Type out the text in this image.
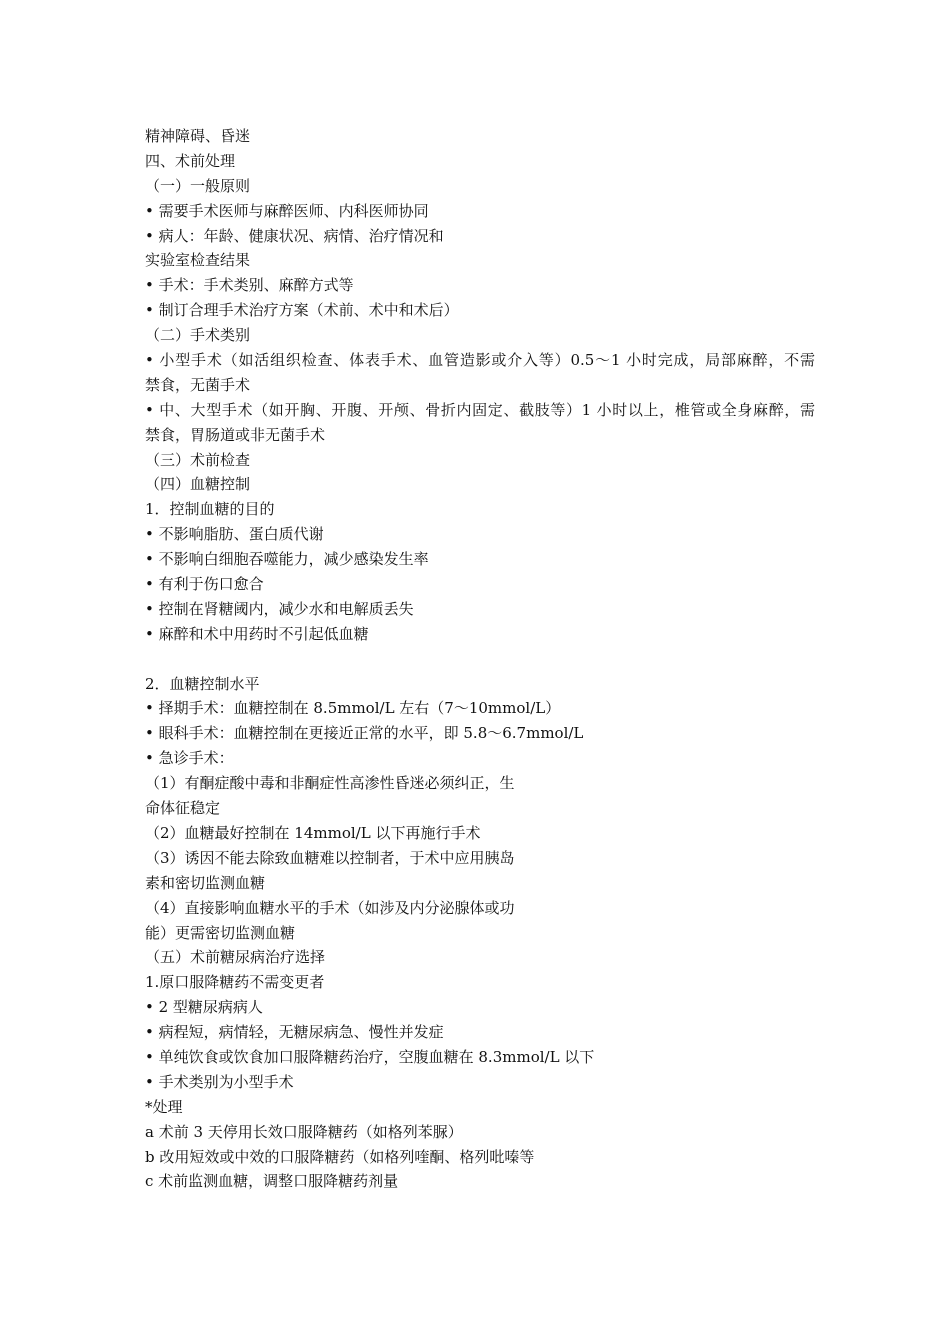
精神障碍、昏迷
四、术前处理
（一）一般原则
• 需要手术医师与麻醉医师、内科医师协同
• 病人：年龄、健康状况、病情、治疗情况和
实验室检查结果
• 手术：手术类别、麻醉方式等
• 制订合理手术治疗方案（术前、术中和术后）
（二）手术类别
• 小型手术（如活组织检查、体表手术、血管造影或介入等）0.5～1 小时完成，局部麻醉，不需
禁食，无菌手术
• 中、大型手术（如开胸、开腹、开颅、骨折内固定、截肢等）1 小时以上，椎管或全身麻醉，需
禁食，胃肠道或非无菌手术
（三）术前检查
（四）血糖控制
1．控制血糖的目的
• 不影响脂肪、蛋白质代谢
• 不影响白细胞吞噬能力，减少感染发生率
• 有利于伤口愈合
• 控制在肾糖阈内，减少水和电解质丢失
• 麻醉和术中用药时不引起低血糖
2．血糖控制水平
• 择期手术：血糖控制在 8.5mmol/L 左右（7～10mmol/L）
• 眼科手术：血糖控制在更接近正常的水平，即 5.8～6.7mmol/L
• 急诊手术：
（1）有酮症酸中毒和非酮症性高渗性昏迷必须纠正，生
命体征稳定
（2）血糖最好控制在 14mmol/L 以下再施行手术
（3）诱因不能去除致血糖难以控制者，于术中应用胰岛
素和密切监测血糖
（4）直接影响血糖水平的手术（如涉及内分泌腺体或功
能）更需密切监测血糖
（五）术前糖尿病治疗选择
1.原口服降糖药不需变更者
• 2 型糖尿病病人
• 病程短，病情轻，无糖尿病急、慢性并发症
• 单纯饮食或饮食加口服降糖药治疗，空腹血糖在 8.3mmol/L 以下
• 手术类别为小型手术
*处理
a 术前 3 天停用长效口服降糖药（如格列苯脲）
b 改用短效或中效的口服降糖药（如格列喹酮、格列吡嗪等
c 术前监测血糖，调整口服降糖药剂量
